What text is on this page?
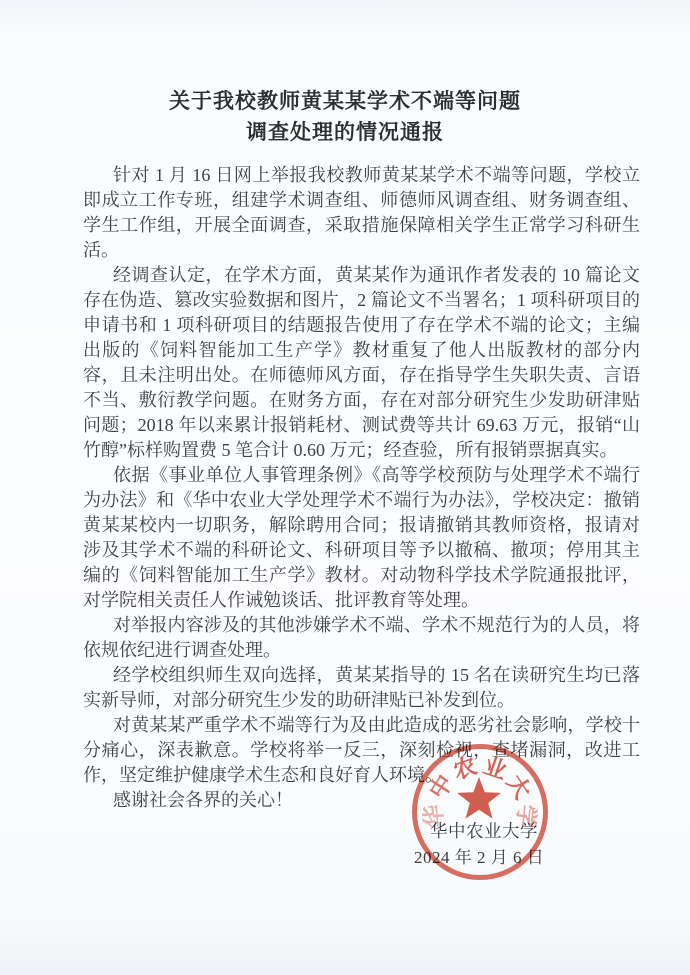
关于我校教师黄某某学术不端等问题
调查处理的情况通报

针对 1 月 16 日网上举报我校教师黄某某学术不端等问题，学校立即成立工作专班，组建学术调查组、师德师风调查组、财务调查组、学生工作组，开展全面调查，采取措施保障相关学生正常学习科研生活。

经调查认定，在学术方面，黄某某作为通讯作者发表的 10 篇论文存在伪造、篡改实验数据和图片，2 篇论文不当署名；1 项科研项目的申请书和 1 项科研项目的结题报告使用了存在学术不端的论文；主编出版的《饲料智能加工生产学》教材重复了他人出版教材的部分内容，且未注明出处。在师德师风方面，存在指导学生失职失责、言语不当、敷衍教学问题。在财务方面，存在对部分研究生少发助研津贴问题；2018 年以来累计报销耗材、测试费等共计 69.63 万元，报销“山竹醇”标样购置费 5 笔合计 0.60 万元；经查验，所有报销票据真实。

依据《事业单位人事管理条例》《高等学校预防与处理学术不端行为办法》和《华中农业大学处理学术不端行为办法》，学校决定：撤销黄某某校内一切职务，解除聘用合同；报请撤销其教师资格，报请对涉及其学术不端的科研论文、科研项目等予以撤稿、撤项；停用其主编的《饲料智能加工生产学》教材。对动物科学技术学院通报批评，对学院相关责任人作诫勉谈话、批评教育等处理。

对举报内容涉及的其他涉嫌学术不端、学术不规范行为的人员，将依规依纪进行调查处理。

经学校组织师生双向选择，黄某某指导的 15 名在读研究生均已落实新导师，对部分研究生少发的助研津贴已补发到位。

对黄某某严重学术不端等行为及由此造成的恶劣社会影响，学校十分痛心，深表歉意。学校将举一反三，深刻检视，查堵漏洞，改进工作，坚定维护健康学术生态和良好育人环境。

感谢社会各界的关心！

华中农业大学
2024 年 2 月 6 日
华
中
农 业
大
学
